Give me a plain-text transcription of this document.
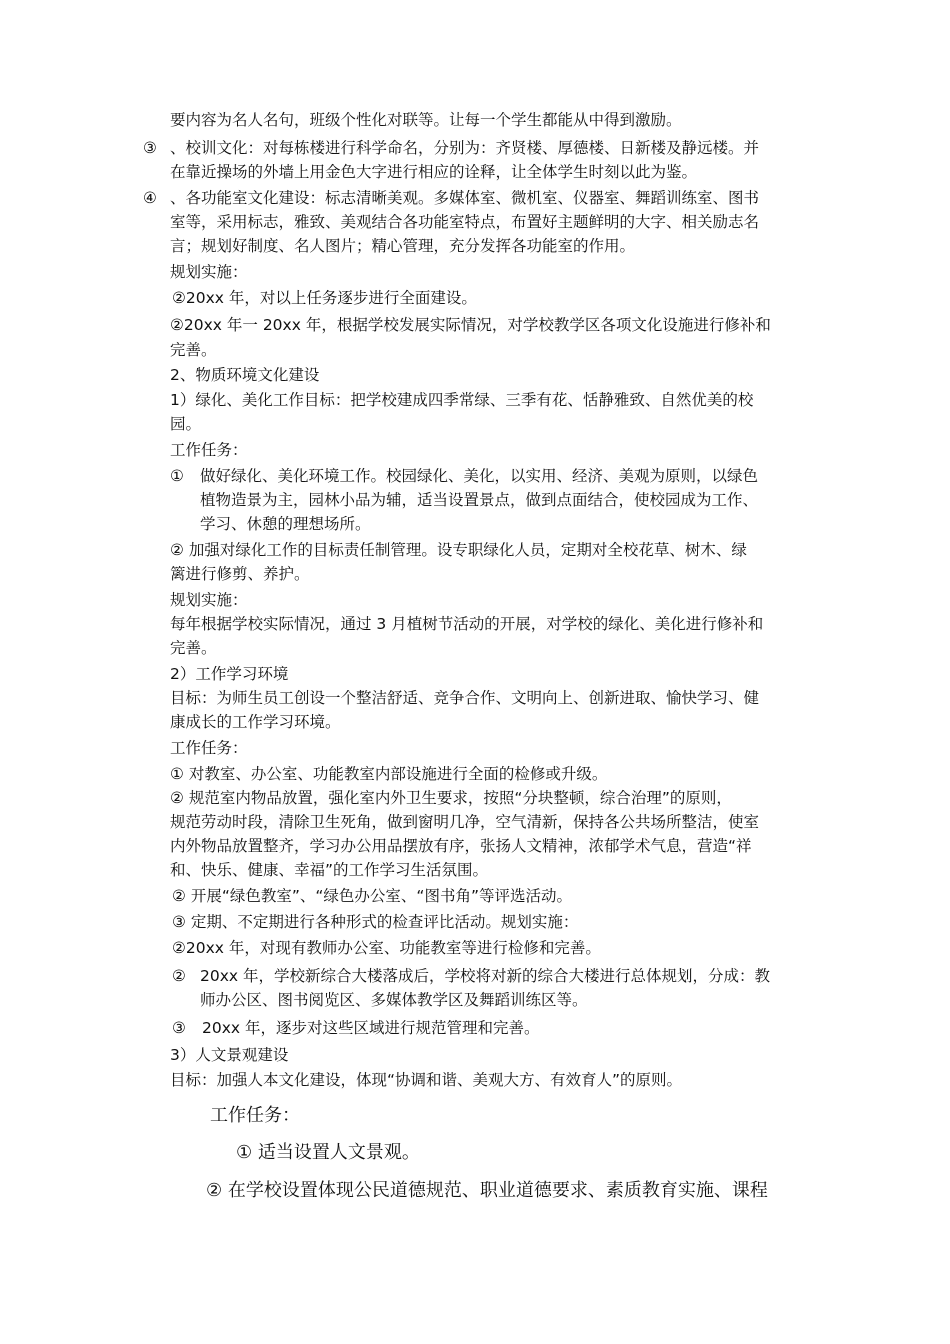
要内容为名人名句，班级个性化对联等。让每一个学生都能从中得到激励。
③ 、校训文化：对每栋楼进行科学命名，分别为：齐贤楼、厚德楼、日新楼及静远楼。并
在靠近操场的外墙上用金色大字进行相应的诠释，让全体学生时刻以此为鉴。
④ 、各功能室文化建设：标志清晰美观。多媒体室、微机室、仪器室、舞蹈训练室、图书
室等，采用标志，雅致、美观结合各功能室特点，布置好主题鲜明的大字、相关励志名
言；规划好制度、名人图片；精心管理，充分发挥各功能室的作用。
规划实施：
②20xx 年，对以上任务逐步进行全面建设。
②20xx 年一 20xx 年，根据学校发展实际情况，对学校教学区各项文化设施进行修补和
完善。
2、物质环境文化建设
1）绿化、美化工作目标：把学校建成四季常绿、三季有花、恬静雅致、自然优美的校
园。
工作任务：
① 做好绿化、美化环境工作。校园绿化、美化，以实用、经济、美观为原则，以绿色
植物造景为主，园林小品为辅，适当设置景点，做到点面结合，使校园成为工作、
学习、休憩的理想场所。
② 加强对绿化工作的目标责任制管理。设专职绿化人员，定期对全校花草、树木、绿
篱进行修剪、养护。
规划实施：
每年根据学校实际情况，通过 3 月植树节活动的开展，对学校的绿化、美化进行修补和
完善。
2）工作学习环境
目标：为师生员工创设一个整洁舒适、竞争合作、文明向上、创新进取、愉快学习、健
康成长的工作学习环境。
工作任务：
① 对教室、办公室、功能教室内部设施进行全面的检修或升级。
② 规范室内物品放置，强化室内外卫生要求，按照“分块整顿，综合治理”的原则，
规范劳动时段，清除卫生死角，做到窗明几净，空气清新，保持各公共场所整洁，使室
内外物品放置整齐，学习办公用品摆放有序，张扬人文精神，浓郁学术气息，营造“祥
和、快乐、健康、幸福”的工作学习生活氛围。
② 开展“绿色教室”、“绿色办公室、“图书角”等评选活动。
③ 定期、不定期进行各种形式的检查评比活动。规划实施：
②20xx 年，对现有教师办公室、功能教室等进行检修和完善。
② 20xx 年，学校新综合大楼落成后，学校将对新的综合大楼进行总体规划，分成：教
师办公区、图书阅览区、多媒体教学区及舞蹈训练区等。
③ 20xx 年，逐步对这些区域进行规范管理和完善。
3）人文景观建设
目标：加强人本文化建设，体现“协调和谐、美观大方、有效育人”的原则。
工作任务：
① 适当设置人文景观。
② 在学校设置体现公民道德规范、职业道德要求、素质教育实施、课程
